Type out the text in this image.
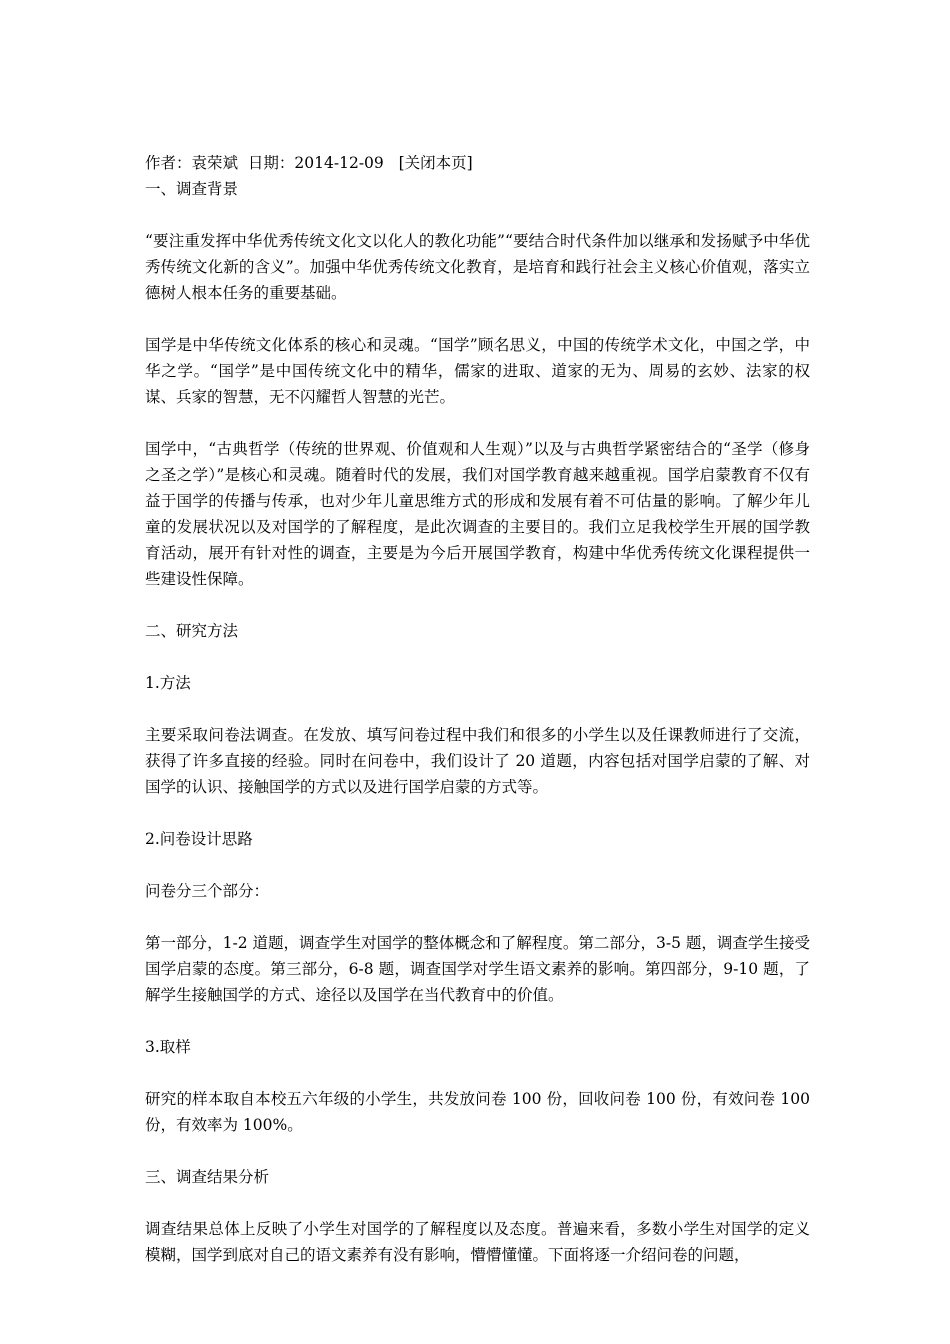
作者：袁荣斌 日期：2014-12-09 [关闭本页]

一、调查背景

“要注重发挥中华优秀传统文化文以化人的教化功能”“要结合时代条件加以继承和发扬赋予中华优秀传统文化新的含义”。加强中华优秀传统文化教育，是培育和践行社会主义核心价值观，落实立德树人根本任务的重要基础。

国学是中华传统文化体系的核心和灵魂。“国学”顾名思义，中国的传统学术文化，中国之学，中华之学。“国学”是中国传统文化中的精华，儒家的进取、道家的无为、周易的玄妙、法家的权谋、兵家的智慧，无不闪耀哲人智慧的光芒。

国学中，“古典哲学（传统的世界观、价值观和人生观）”以及与古典哲学紧密结合的“圣学（修身之圣之学）”是核心和灵魂。随着时代的发展，我们对国学教育越来越重视。国学启蒙教育不仅有益于国学的传播与传承，也对少年儿童思维方式的形成和发展有着不可估量的影响。了解少年儿童的发展状况以及对国学的了解程度，是此次调查的主要目的。我们立足我校学生开展的国学教育活动，展开有针对性的调查，主要是为今后开展国学教育，构建中华优秀传统文化课程提供一些建设性保障。

二、研究方法

1.方法

主要采取问卷法调查。在发放、填写问卷过程中我们和很多的小学生以及任课教师进行了交流，获得了许多直接的经验。同时在问卷中，我们设计了 20 道题，内容包括对国学启蒙的了解、对国学的认识、接触国学的方式以及进行国学启蒙的方式等。

2.问卷设计思路

问卷分三个部分：

第一部分，1-2 道题，调查学生对国学的整体概念和了解程度。第二部分，3-5 题，调查学生接受国学启蒙的态度。第三部分，6-8 题，调查国学对学生语文素养的影响。第四部分，9-10 题，了解学生接触国学的方式、途径以及国学在当代教育中的价值。

3.取样

研究的样本取自本校五六年级的小学生，共发放问卷 100 份，回收问卷 100 份，有效问卷 100 份，有效率为 100%。

三、调查结果分析

调查结果总体上反映了小学生对国学的了解程度以及态度。普遍来看，多数小学生对国学的定义模糊，国学到底对自己的语文素养有没有影响，懵懵懂懂。下面将逐一介绍问卷的问题，
